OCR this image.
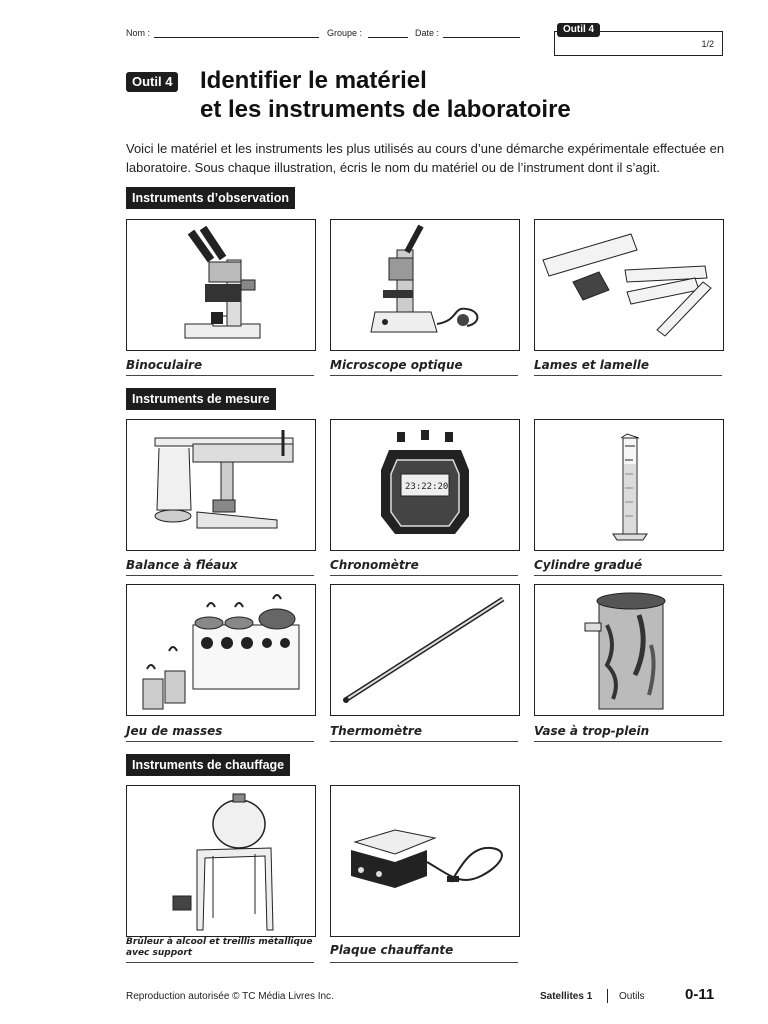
Nom :	Groupe :	Date :
1/2
Outil 4
Outil 4 Identifier le matériel
et les instruments de laboratoire
Voici le matériel et les instruments les plus utilisés au cours d’une démarche expérimentale effectuée en laboratoire. Sous chaque illustration, écris le nom du matériel ou de l’instrument dont il s’agit.
Instruments d’observation
Binoculaire	Microscope optique	Lames et lamelle
Instruments de mesure
Balance à fléaux
23:22:20
Chronomètre	Cylindre gradué
Jeu de masses	Thermomètre	Vase à trop-plein
Instruments de chauffage
Brûleur à alcool et treillis métallique avec support	Plaque chauffante
Reproduction autorisée © TC Média Livres Inc.	Satellites 1	Outils	0-11
